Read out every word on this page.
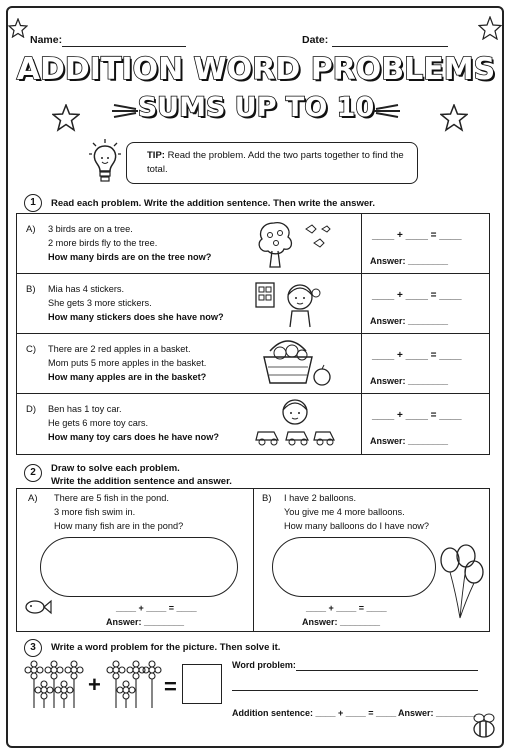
Name:	Date:
ADDITION WORD PROBLEMS
SUMS UP TO 10
TIP: Read the problem. Add the two parts together to find the total.
1	Read each problem. Write the addition sentence. Then write the answer.
A) 3 birds are on a tree.
2 more birds fly to the tree.
How many birds are on the tree now?
____ + ____ = ____
Answer: ________
B) Mia has 4 stickers.
She gets 3 more stickers.
How many stickers does she have now?
____ + ____ = ____
Answer: ________
C) There are 2 red apples in a basket.
Mom puts 5 more apples in the basket.
How many apples are in the basket?
____ + ____ = ____
Answer: ________
D) Ben has 1 toy car.
He gets 6 more toy cars.
How many toy cars does he have now?
____ + ____ = ____
Answer: ________
2	Draw to solve each problem.
Write the addition sentence and answer.
A) There are 5 fish in the pond.
3 more fish swim in.
How many fish are in the pond?
____ + ____ = ____
Answer: ________
B) I have 2 balloons.
You give me 4 more balloons.
How many balloons do I have now?
____ + ____ = ____
Answer: ________
3	Write a word problem for the picture. Then solve it.
+	=
Word problem:
Addition sentence: ____ + ____ = ____ Answer: ________
